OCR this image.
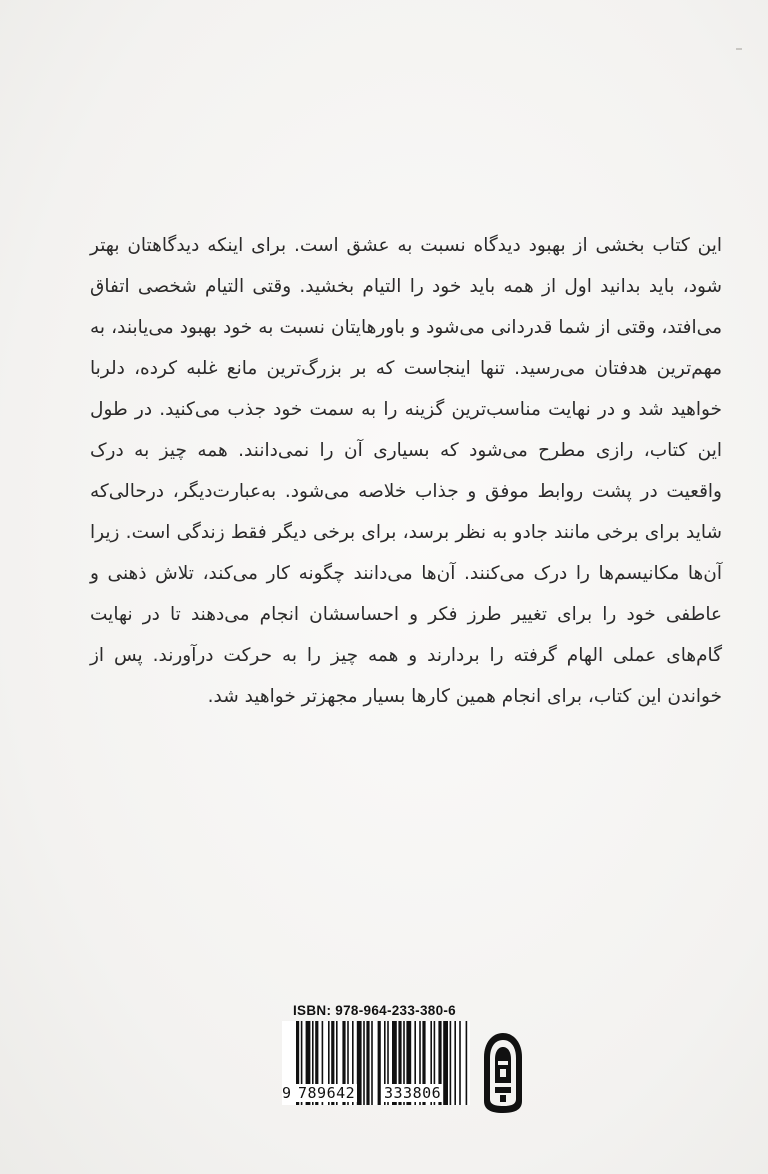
این کتاب بخشی از بهبود دیدگاه نسبت به عشق است. برای اینکه دیدگاهتان بهتر شود، باید بدانید اول از همه باید خود را التیام بخشید. وقتی التیام شخصی اتفاق می‌افتد، وقتی از شما قدردانی می‌شود و باورهایتان نسبت به خود بهبود می‌یابند، به مهم‌ترین هدفتان می‌رسید. تنها اینجاست که بر بزرگ‌ترین مانع غلبه کرده، دلربا خواهید شد و در نهایت مناسب‌ترین گزینه را به سمت خود جذب می‌کنید. در طول این کتاب، رازی مطرح می‌شود که بسیاری آن را نمی‌دانند. همه چیز به درک واقعیت در پشت روابط موفق و جذاب خلاصه می‌شود. به‌عبارت‌دیگر، درحالی‌که شاید برای برخی مانند جادو به نظر برسد، برای برخی دیگر فقط زندگی است. زیرا آن‌ها مکانیسم‌ها را درک می‌کنند. آن‌ها می‌دانند چگونه کار می‌کند، تلاش ذهنی و عاطفی خود را برای تغییر طرز فکر و احساسشان انجام می‌دهند تا در نهایت گام‌های عملی الهام گرفته را بردارند و همه چیز را به حرکت درآورند. پس از خواندن این کتاب، برای انجام همین کارها بسیار مجهزتر خواهید شد.

ISBN: 978-964-233-380-6
9 789642 333806
